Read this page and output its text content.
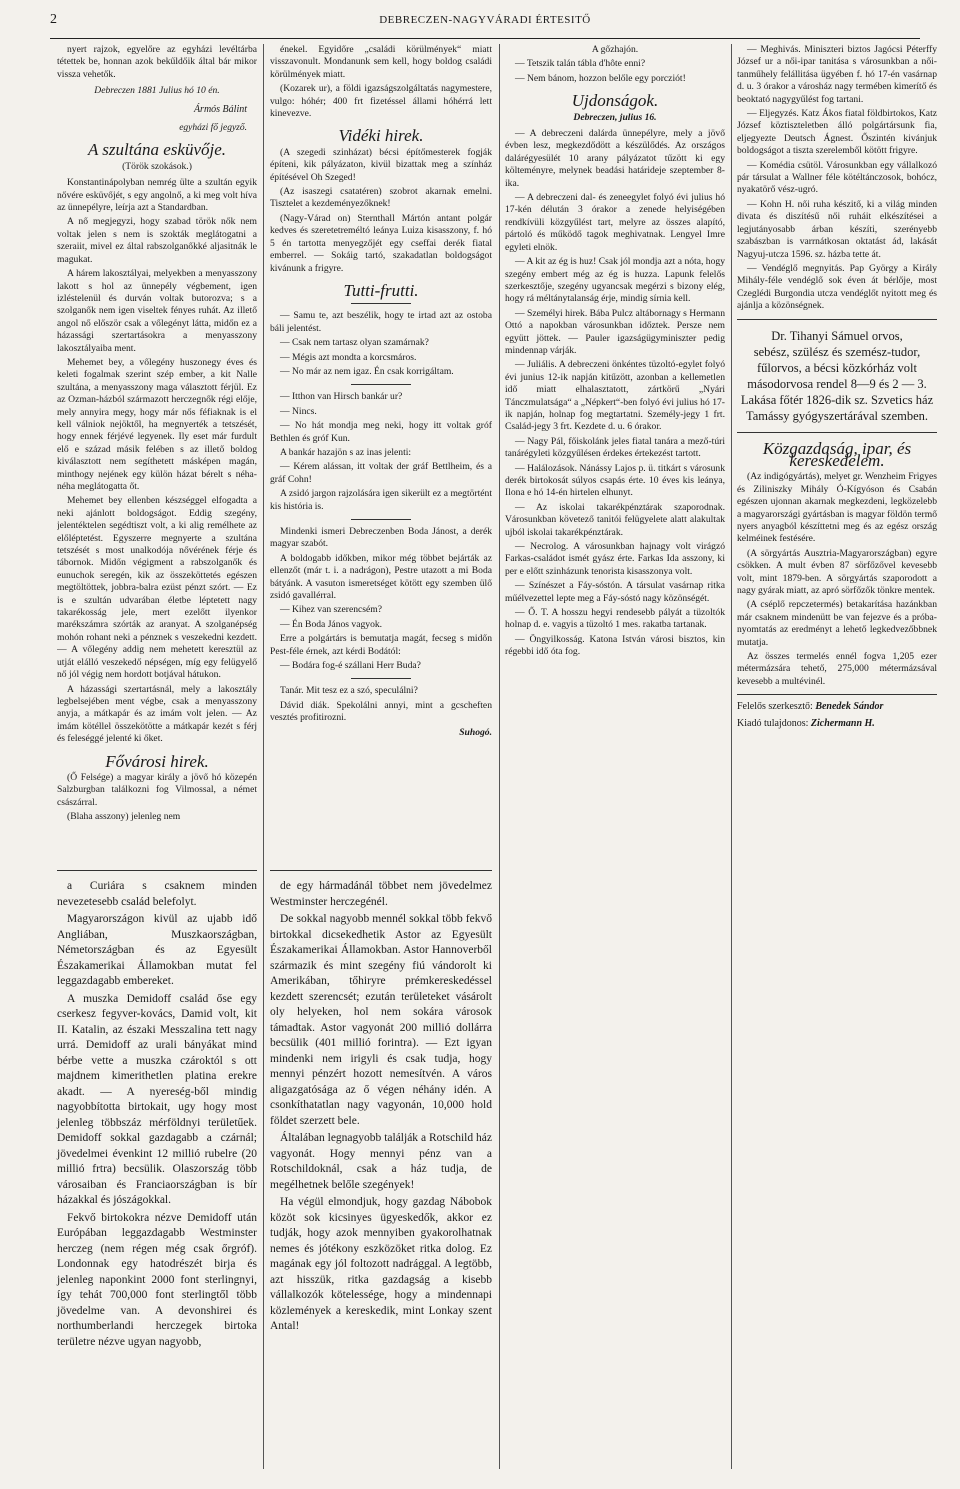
2	DEBRECZEN-NAGYVÁRADI ÉRTESITŐ

nyert rajzok, egyelőre az egyházi levéltárba tétettek be, honnan azok bekűldőik által bár mikor vissza vehetők.

Debreczen 1881 Julius hó 10 én.
Ármós Bálint
egyházi fő jegyző.
A szultána esküvője.
(Török szokások.)

Konstantinápolyban nemrég ülte a szultán egyik nővére esküvőjét, s egy angolnő, a ki meg volt híva az ünnepélyre, leírja azt a Standardban.

A nő megjegyzi, hogy szabad török nők nem voltak jelen s nem is szokták meglátogatni a szeraiit, mivel ez által rabszolganőkké aljasitnák le magukat.

A hárem lakosztályai, melyekben a menyasszony lakott s hol az ünnepély végbement, igen izléstelenül és durván voltak butorozva; s a szolganők nem igen viseltek fényes ruhát. Az illető angol nő először csak a vőlegényt látta, midőn ez a házassági szertartásokra a menyasszony lakosztályaiba ment.

Mehemet bey, a vőlegény huszonegy éves és keleti fogalmak szerint szép ember, a kit Nalle szultána, a menyasszony maga választott férjül. Ez az Ozman-házból származott herczegnők régi elője, mely annyira megy, hogy már nős féfiaknak is el kell válniok nejöktől, ha megnyerték a tetszését, hogy ennek férjévé legyenek. Ily eset már furdult elő e század másik felében s az illető boldog kiválasztott nem segíthetett másképen magán, minthogy nejének egy külön házat bérelt s néha-néha meglátogatta őt.

Mehemet bey ellenben készséggel elfogadta a neki ajánlott boldogságot. Eddig szegény, jelentéktelen segédtiszt volt, a ki alig remélhete az előléptetést. Egyszerre megnyerte a szultána tetszését s most unalkodója nővérének férje és tábornok. Midőn végigment a rabszolganők és eunuchok seregén, kik az összeköttetés egészen megtöltöttek, jobbra-balra ezüst pénzt szórt. — Ez is e szultán udvarában életbe léptetett nagy takarékosság jele, mert ezelőtt ilyenkor marékszámra szórták az aranyat. A szolganépség mohón rohant neki a pénznek s veszekedni kezdett. — A vőlegény addig nem mehetett keresztül az utját elálló veszekedő népségen, míg egy felügyelő nő jól végig nem hordott botjával hátukon.

A házassági szertartásnál, mely a lakosztály legbelsejében ment végbe, csak a menyasszony anyja, a mátkapár és az imám volt jelen. — Az imám kötéllel összekötötte a mátkapár kezét s férj és feleséggé jelenté ki őket.

Fővárosi hirek.

(Ő Felsége) a magyar király a jövő hó közepén Salzburgban találkozni fog Vilmossal, a német császárral.

(Blaha asszony) jelenleg nem

a Curiára s csaknem minden nevezetesebb család belefolyt.

Magyarországon kivül az ujabb idő Angliában, Muszkaországban, Németországban és az Egyesült Északamerikai Államokban mutat fel leggazdagabb embereket.

A muszka Demidoff család őse egy cserkesz fegyver-kovács, Damid volt, kit II. Katalin, az északi Messzalina tett nagy urrá. Demidoff az urali bányákat mind bérbe vette a muszka czároktól s ott majdnem kimerithetlen platina erekre akadt. — A nyereség-ből mindig nagyobbította birtokait, ugy hogy most jelenleg többszáz mérföldnyi területűek. Demidoff sokkal gazdagabb a czárnál; jövedelmei évenkint 12 millió rubelre (20 millió frtra) becsülik. Olaszország több városaiban és Franciaországban is bír házakkal és jószágokkal.

Fekvő birtokokra nézve Demidoff után Európában leggazdagabb Westminster herczeg (nem régen még csak őrgróf). Londonnak egy hatodrészét birja és jelenleg naponkint 2000 font sterlingnyi, így tehát 700,000 font sterlingtől több jövedelme van. A devonshirei és northumberlandi herczegek birtoka területre nézve ugyan nagyobb,

énekel. Egyidőre „családi körülmények“ miatt visszavonult. Mondanunk sem kell, hogy boldog családi körülmények miatt.

(Kozarek ur), a földi igazságszolgáltatás nagymestere, vulgo: hóhér; 400 frt fizetéssel állami hóhérrá lett kinevezve.

Vidéki hirek.

(A szegedi szinházat) bécsi építőmesterek fogják építeni, kik pályázaton, kivül bizattak meg a színház építésével Oh Szeged!

(Az isaszegi csatatéren) szobrot akarnak emelni. Tisztelet a kezdeményezőknek!

(Nagy-Várad on) Sternthall Mártón antant polgár kedves és szeretetreméltó leánya Luiza kisasszony, f. hó 5 én tartotta menyegzőjét egy cseffai derék fiatal emberrel. — Sokáig tartó, szakadatlan boldogságot kivánunk a frigyre.

Tutti-frutti.

— Samu te, azt beszélik, hogy te irtad azt az ostoba báli jelentést.

— Csak nem tartasz olyan szamárnak?

— Mégis azt mondta a korcsmáros.

— No már az nem igaz. Én csak korrigáltam.

— Itthon van Hirsch bankár ur?

— Nincs.

— No hát mondja meg neki, hogy itt voltak gróf Bethlen és gróf Kun.

A bankár hazajön s az inas jelenti:

— Kérem alássan, itt voltak der gráf Bettlheim, és a gráf Cohn!

A zsidó jargon rajzolására igen sikerült ez a megtörtént kis história is.

Mindenki ismeri Debreczenben Boda Jánost, a derék magyar szabót.

A boldogabb időkben, mikor még többet bejárták az ellenzőt (már t. i. a nadrágon), Pestre utazott a mi Boda bátyánk. A vasuton ismeretséget kötött egy szemben ülő zsidó gavallérral.

— Kihez van szerencsém?

— Én Boda János vagyok.

Erre a polgártárs is bemutatja magát, fecseg s midőn Pest-féle érnek, azt kérdi Bodától:

— Bodára fog-é szállani Herr Buda?

Tanár. Mit tesz ez a szó, speculálni?

Dávid diák. Spekolálni annyi, mint a gcscheften vesztés profitirozni.

Suhogó.

de egy hármadánál többet nem jövedelmez Westminster herczegénél.

De sokkal nagyobb mennél sokkal több fekvő birtokkal dicsekedhetik Astor az Egyesült Északamerikai Államokban. Astor Hannoverből származik és mint szegény fiú vándorolt ki Amerikában, tőhiryre prémkereskedéssel kezdett szerencsét; ezután területeket vásárolt oly helyeken, hol nem sokára városok támadtak. Astor vagyonát 200 millió dollárra becsülik (401 millió forintra). — Ezt igyan mindenki nem irigyli és csak tudja, hogy mennyi pénzért hozott nemesítvén. A város aligazgatósága az ő végen néhány idén. A csonkíthatatlan nagy vagyonán, 10,000 hold földet szerzett bele.

Általában legnagyobb találják a Rotschild ház vagyonát. Hogy mennyi pénz van a Rotschildoknál, csak a ház tudja, de megélhetnek belőle szegények!

Ha végül elmondjuk, hogy gazdag Nábobok közöt sok kicsinyes ügyeskedők, akkor ez tudják, hogy azok mennyiben gyakorolhatnak nemes és jótékony eszközöket ritka dolog. Ez magának egy jól foltozott nadrággal. A legtöbb, azt hisszük, ritka gazdagság a kisebb vállalkozók kötelessége, hogy a mindennapi közlemények a kereskedik, mint Lonkay szent Antal!

A gőzhajón.

— Tetszik talán tábla d'hôte enni?

— Nem bánom, hozzon belőle egy porcziót!

Ujdonságok.
Debreczen, julius 16.

— A debreczeni dalárda ünnepélyre, mely a jövő évben lesz, megkezdődött a készülődés. Az országos dalárégyesülét 10 arany pályázatot tűzött ki egy költeményre, melynek beadási határideje szeptember 8-ika.

— A debreczeni dal- és zeneegylet folyó évi julius hó 17-kén délután 3 órakor a zenede helyiségében rendkívüli közgyűlést tart, melyre az összes alapító, pártoló és működő tagok meghivatnak. Lengyel Imre egyleti elnök.

— A kit az ég is huz! Csak jól mondja azt a nóta, hogy szegény embert még az ég is huzza. Lapunk felelős szerkesztője, szegény ugyancsak megérzi s bizony elég, hogy rá méltánytalanság érje, mindig sírnia kell.

— Személyi hirek. Bába Pulcz altábornagy s Hermann Ottó a napokban városunkban időztek. Persze nem együtt jöttek. — Pauler igazságügyminiszter pedig mindennap várják.

— Juliális. A debreczeni önkéntes tüzoltó-egylet folyó évi junius 12-ik napján kitűzött, azonban a kellemetlen idő miatt elhalasztatott, zártkörű „Nyári Tánczmulatsága“ a „Népkert“-ben folyó évi julius hó 17-ik napján, holnap fog megtartatni. Személy-jegy 1 frt. Család-jegy 3 frt. Kezdete d. u. 6 órakor.

— Nagy Pál, főiskolánk jeles fiatal tanára a mező-túri tanárégyleti közgyűlésen érdekes értekezést tartott.

— Halálozások. Nánássy Lajos p. ü. titkárt s városunk derék birtokosát súlyos csapás érte. 10 éves kis leánya, Ilona e hó 14-én hirtelen elhunyt.

— Az iskolai takarékpénztárak szaporodnak. Városunkban követező tanitói felügyelete alatt alakultak ujból iskolai takarékpénztárak.

— Necrolog. A városunkban hajnagy volt virágzó Farkas-családot ismét gyász érte. Farkas Ida asszony, ki per e előtt szinházunk tenorista kisasszonya volt.

— Színészet a Fáy-sóstón. A társulat vasárnap ritka műélvezettel lepte meg a Fáy-sóstó nagy közönségét.

— Ő. T. A hosszu hegyi rendesebb pályát a tüzoltók holnap d. e. vagyis a tüzoltó 1 mes. rakatba tartanak.

— Öngyilkosság. Katona István városi bisztos, kin régebbi idő óta fog.

— Meghivás. Miniszteri biztos Jagócsi Péterffy József ur a női-ipar tanitása s városunkban a női-tanműhely felállitása ügyében f. hó 17-én vasárnap d. u. 3 órakor a városház nagy termében kimerítő és beoktató nagygyűlést fog tartani.

— Eljegyzés. Katz Ákos fiatal földbirtokos, Katz József köztiszteletben álló polgártársunk fia, eljegyezte Deutsch Ágnest. Őszintén kivánjuk boldogságot a tiszta szerelemből kötött frigyre.

— Komédia csütöl. Városunkban egy vállalkozó pár társulat a Wallner féle kötéltánczosok, bohócz, nyakatörő vész-ugró.

— Kohn H. női ruha készitő, ki a világ minden divata és diszítésű női ruháit elkészítései a legjutányosabb árban készíti, szerényebb szabászban is varrnátkosan oktatást ád, lakását Nagyuj-utcza 1596. sz. házba tette át.

— Vendéglő megnyitás. Pap György a Király Mihály-féle vendéglő sok éven át bérlője, most Czeglédi Burgondia utcza vendéglőt nyitott meg és ajánlja a közönségnek.

Dr. Tihanyi Sámuel orvos,
sebész, szülész és szemész-tudor, fűlorvos, a bécsi közkórház volt másodorvosa rendel 8—9 és 2 — 3. Lakása főtér 1826-dik sz. Szvetics ház Tamássy gyógyszertárával szemben.
Közgazdaság, ipar, és kereskedelem.

(Az indigógyártás), melyet gr. Wenzheim Frigyes és Ziliniszky Mihály Ó-Kígyóson és Csabán egészen ujonnan akarnak megkezdeni, legközelebb a magyarországi gyártásban is magyar földön termő nyers anyagból készíttetni meg és az egész ország kelméinek festésére.

(A sörgyártás Ausztria-Magyarországban) egyre csökken. A mult évben 87 sörfőzővel kevesebb volt, mint 1879-ben. A sörgyártás szaporodott a nagy gyárak miatt, az apró sörfőzők tönkre mentek.

(A cséplő repczetermés) betakarítása hazánkban már csaknem mindenütt be van fejezve és a próba-nyomtatás az eredményt a lehető legkedvezőbbnek mutatja.

Az összes termelés ennél fogva 1,205 ezer métermázsára tehető, 275,000 métermázsával kevesebb a multévinél.

Felelős szerkesztő: Benedek Sándor
Kiadó tulajdonos: Zichermann H.
